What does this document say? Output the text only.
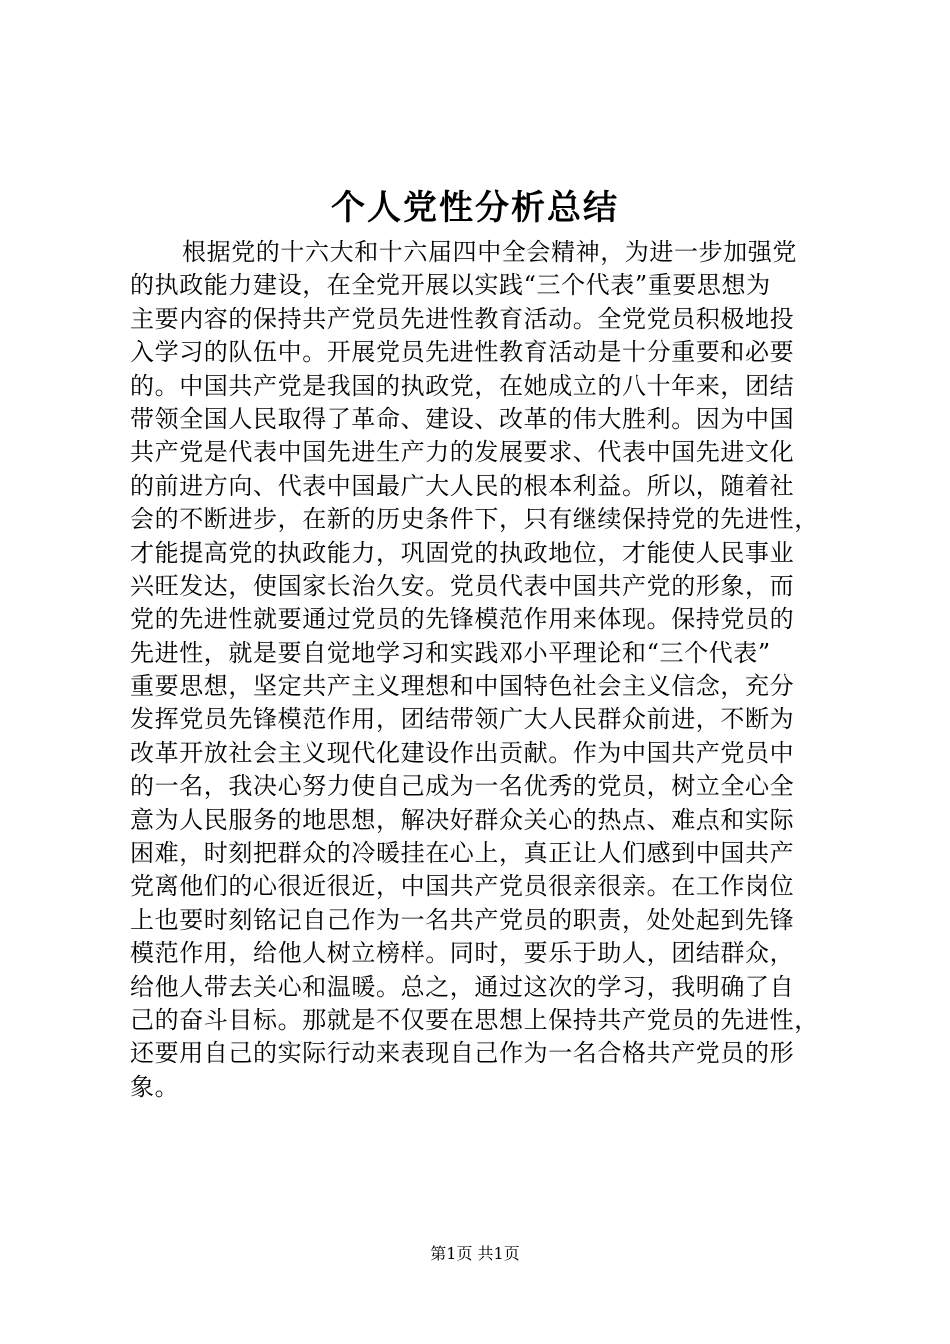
个人党性分析总结
根据党的十六大和十六届四中全会精神，为进一步加强党
的执政能力建设，在全党开展以实践“三个代表”重要思想为
主要内容的保持共产党员先进性教育活动。全党党员积极地投
入学习的队伍中。开展党员先进性教育活动是十分重要和必要
的。中国共产党是我国的执政党，在她成立的八十年来，团结
带领全国人民取得了革命、建设、改革的伟大胜利。因为中国
共产党是代表中国先进生产力的发展要求、代表中国先进文化
的前进方向、代表中国最广大人民的根本利益。所以，随着社
会的不断进步，在新的历史条件下，只有继续保持党的先进性，
才能提高党的执政能力，巩固党的执政地位，才能使人民事业
兴旺发达，使国家长治久安。党员代表中国共产党的形象，而
党的先进性就要通过党员的先锋模范作用来体现。保持党员的
先进性，就是要自觉地学习和实践邓小平理论和“三个代表”
重要思想，坚定共产主义理想和中国特色社会主义信念，充分
发挥党员先锋模范作用，团结带领广大人民群众前进，不断为
改革开放社会主义现代化建设作出贡献。作为中国共产党员中
的一名，我决心努力使自己成为一名优秀的党员，树立全心全
意为人民服务的地思想，解决好群众关心的热点、难点和实际
困难，时刻把群众的冷暖挂在心上，真正让人们感到中国共产
党离他们的心很近很近，中国共产党员很亲很亲。在工作岗位
上也要时刻铭记自己作为一名共产党员的职责，处处起到先锋
模范作用，给他人树立榜样。同时，要乐于助人，团结群众，
给他人带去关心和温暖。总之，通过这次的学习，我明确了自
己的奋斗目标。那就是不仅要在思想上保持共产党员的先进性，
还要用自己的实际行动来表现自己作为一名合格共产党员的形
象。

第1页 共1页
